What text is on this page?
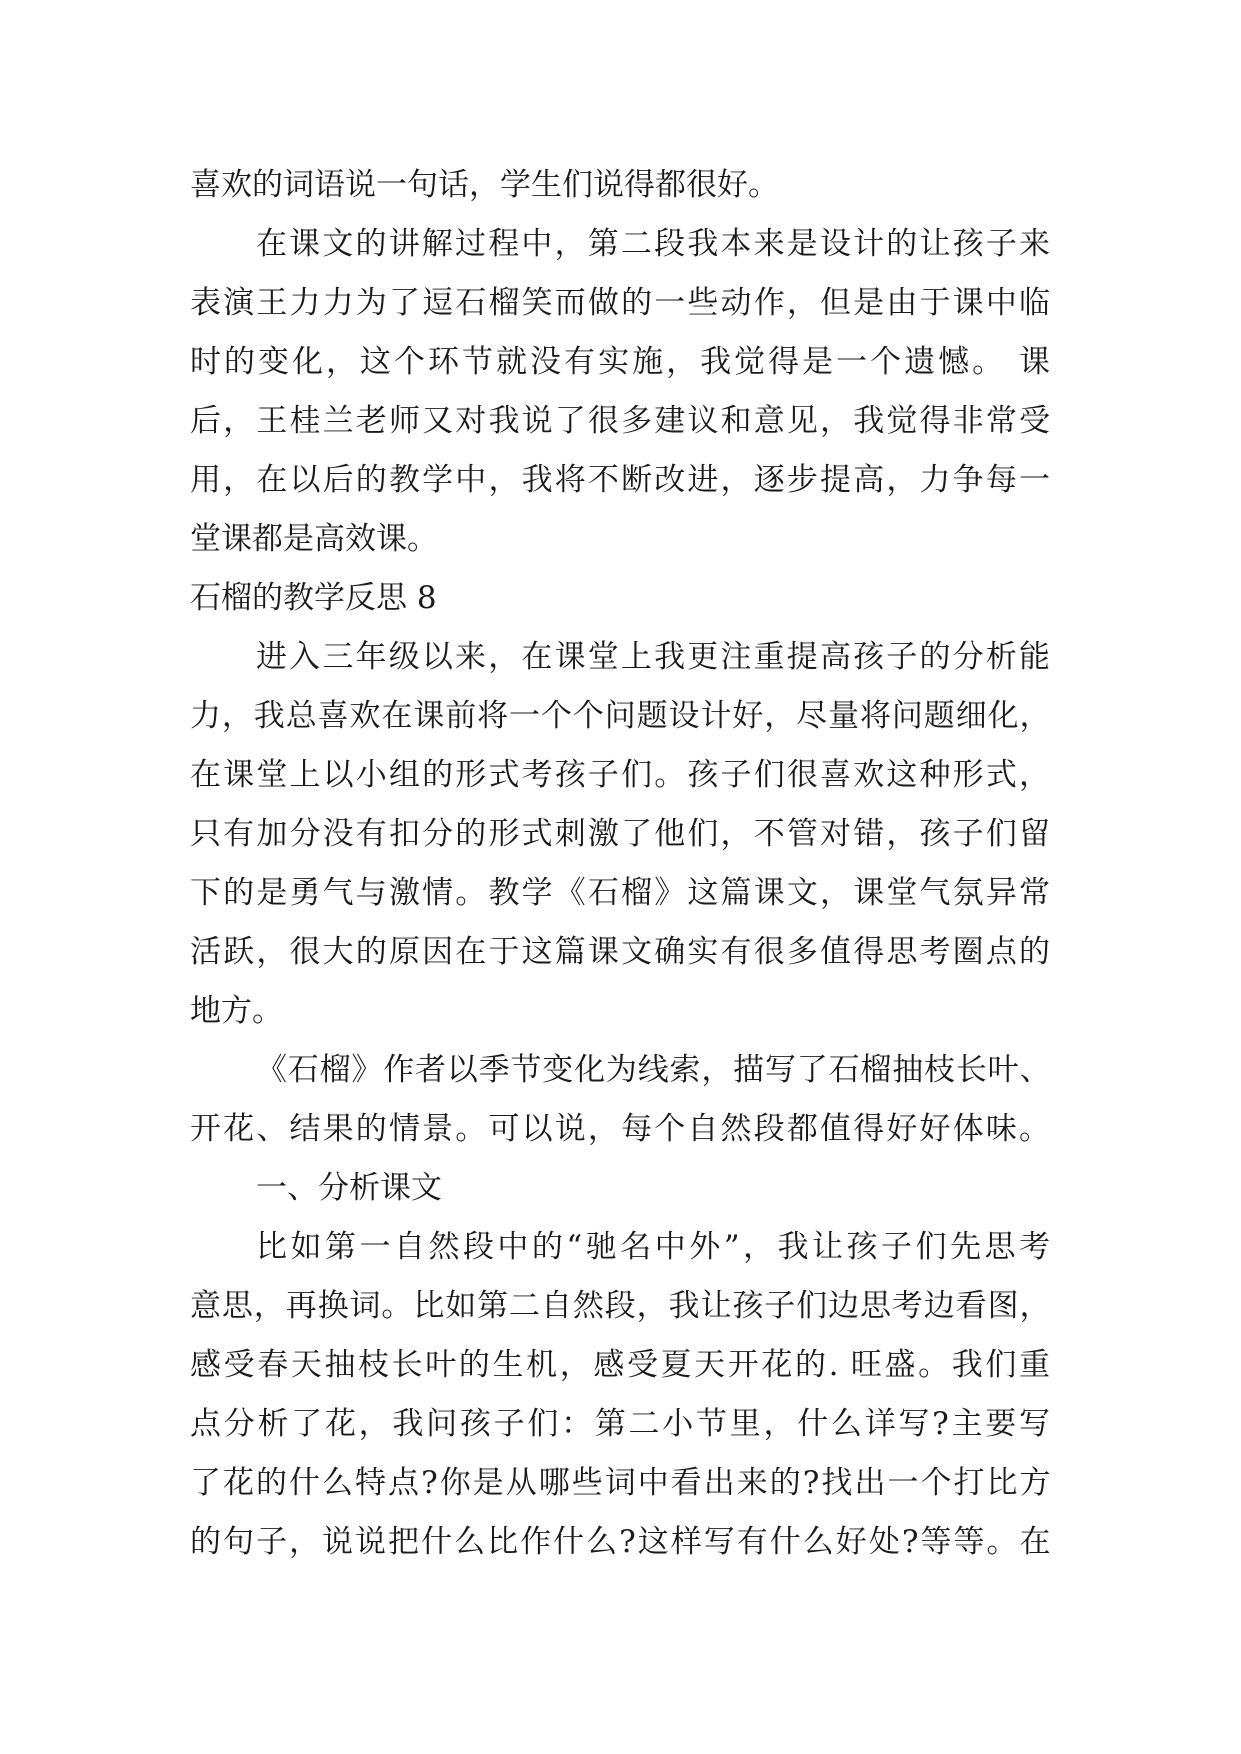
喜欢的词语说一句话，学生们说得都很好。
在课文的讲解过程中，第二段我本来是设计的让孩子来
表演王力力为了逗石榴笑而做的一些动作，但是由于课中临
时的变化，这个环节就没有实施，我觉得是一个遗憾。 课
后，王桂兰老师又对我说了很多建议和意见，我觉得非常受
用，在以后的教学中，我将不断改进，逐步提高，力争每一
堂课都是高效课。
石榴的教学反思 8
进入三年级以来，在课堂上我更注重提高孩子的分析能
力，我总喜欢在课前将一个个问题设计好，尽量将问题细化，
在课堂上以小组的形式考孩子们。孩子们很喜欢这种形式，
只有加分没有扣分的形式刺激了他们，不管对错，孩子们留
下的是勇气与激情。教学《石榴》这篇课文，课堂气氛异常
活跃，很大的原因在于这篇课文确实有很多值得思考圈点的
地方。
《石榴》作者以季节变化为线索，描写了石榴抽枝长叶、
开花、结果的情景。可以说，每个自然段都值得好好体味。
一、分析课文
比如第一自然段中的“驰名中外”，我让孩子们先思考
意思，再换词。比如第二自然段，我让孩子们边思考边看图，
感受春天抽枝长叶的生机，感受夏天开花的. 旺盛。我们重
点分析了花，我问孩子们：第二小节里，什么详写?主要写
了花的什么特点?你是从哪些词中看出来的?找出一个打比方
的句子，说说把什么比作什么?这样写有什么好处?等等。在
